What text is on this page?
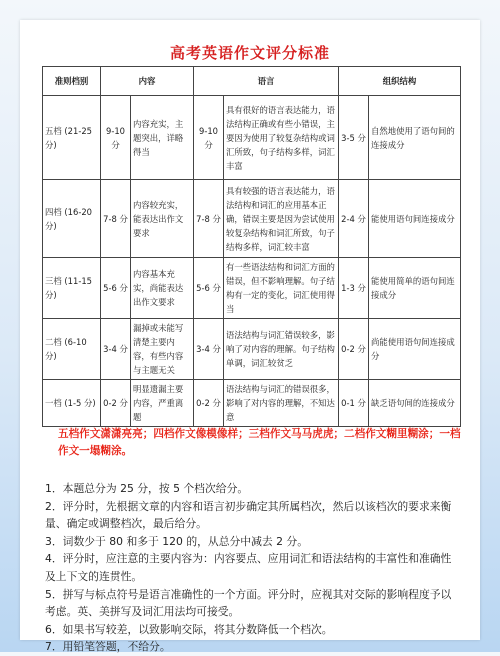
高考英语作文评分标准
准则档别	内容		语言		组织结构	
五档 (21-25 分)	9-10 分	内容充实，主题突出，详略得当	9-10 分	具有很好的语言表达能力，语法结构正确或有些小错误，主要因为使用了较复杂结构或词汇所致，句子结构多样，词汇丰富	3-5 分	自然地使用了语句间的连接成分
四档 (16-20 分)	7-8 分	内容较充实，能表达出作文要求	7-8 分	具有较强的语言表达能力，语法结构和词汇的应用基本正确，错误主要是因为尝试使用较复杂结构和词汇所致，句子结构多样，词汇较丰富	2-4 分	能使用语句间连接成分
三档 (11-15 分)	5-6 分	内容基本充实，尚能表达出作文要求	5-6 分	有一些语法结构和词汇方面的错误，但不影响理解。句子结构有一定的变化，词汇使用得当	1-3 分	能使用简单的语句间连接成分
二档 (6-10 分)	3-4 分	漏掉或未能写清楚主要内容，有些内容与主题无关	3-4 分	语法结构与词汇错误较多，影响了对内容的理解。句子结构单调，词汇较贫乏	0-2 分	尚能使用语句间连接成分
一档 (1-5 分)	0-2 分	明显遗漏主要内容，严重离题	0-2 分	语法结构与词汇的错误很多，影响了对内容的理解，不知达意	0-1 分	缺乏语句间的连接成分
五档作文潇潇亮亮；四档作文像模像样；三档作文马马虎虎；二档作文糊里糊涂；一档作文一塌糊涂。

1．本题总分为 25 分，按 5 个档次给分。

2．评分时，先根据文章的内容和语言初步确定其所属档次，然后以该档次的要求来衡量、确定或调整档次，最后给分。

3．词数少于 80 和多于 120 的，从总分中减去 2 分。

4．评分时，应注意的主要内容为：内容要点、应用词汇和语法结构的丰富性和准确性及上下文的连贯性。

5．拼写与标点符号是语言准确性的一个方面。评分时，应视其对交际的影响程度予以考虑。英、美拼写及词汇用法均可接受。

6．如果书写较差，以致影响交际，将其分数降低一个档次。

7．用铅笔答题，不给分。
